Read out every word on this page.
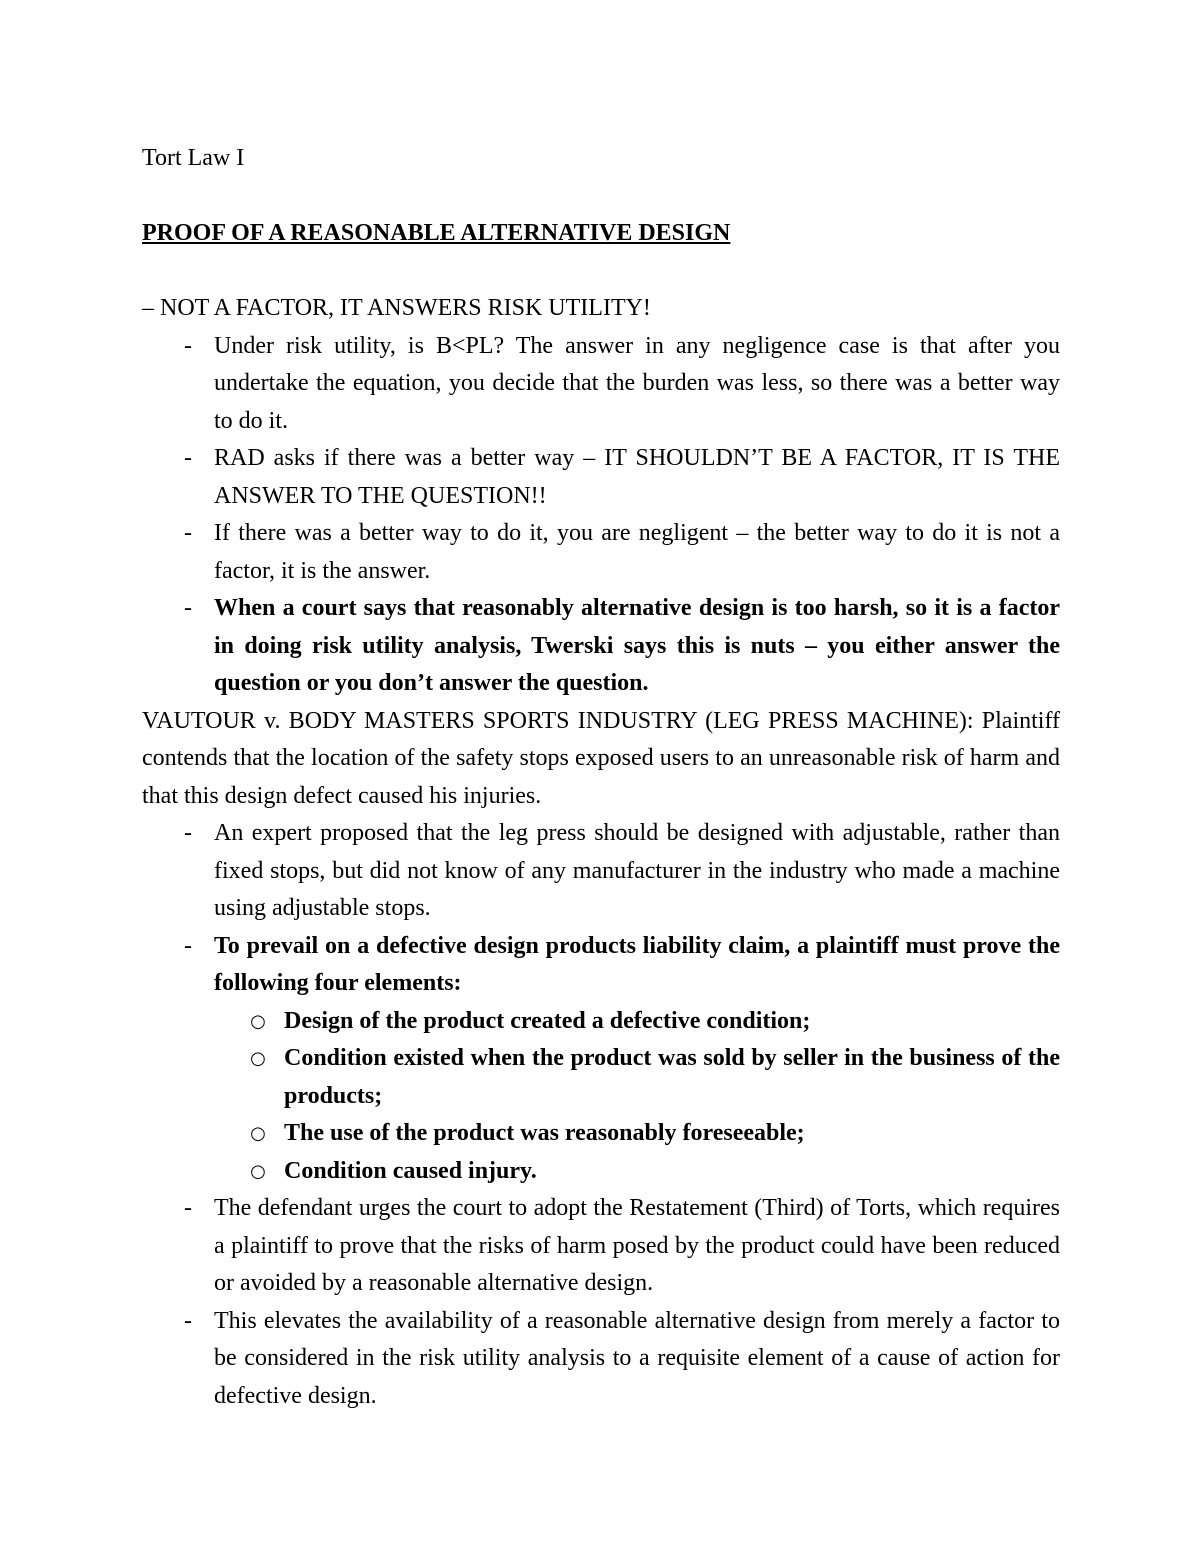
Tort Law I

PROOF OF A REASONABLE ALTERNATIVE DESIGN

– NOT A FACTOR, IT ANSWERS RISK UTILITY!

- Under risk utility, is B<PL? The answer in any negligence case is that after you undertake the equation, you decide that the burden was less, so there was a better way to do it.
- RAD asks if there was a better way – IT SHOULDN’T BE A FACTOR, IT IS THE ANSWER TO THE QUESTION!!
- If there was a better way to do it, you are negligent – the better way to do it is not a factor, it is the answer.
- When a court says that reasonably alternative design is too harsh, so it is a factor in doing risk utility analysis, Twerski says this is nuts – you either answer the question or you don’t answer the question.

VAUTOUR v. BODY MASTERS SPORTS INDUSTRY (LEG PRESS MACHINE): Plaintiff contends that the location of the safety stops exposed users to an unreasonable risk of harm and that this design defect caused his injuries.

- An expert proposed that the leg press should be designed with adjustable, rather than fixed stops, but did not know of any manufacturer in the industry who made a machine using adjustable stops.
- To prevail on a defective design products liability claim, a plaintiff must prove the following four elements:
○ Design of the product created a defective condition;
○ Condition existed when the product was sold by seller in the business of the products;
○ The use of the product was reasonably foreseeable;
○ Condition caused injury.
- The defendant urges the court to adopt the Restatement (Third) of Torts, which requires a plaintiff to prove that the risks of harm posed by the product could have been reduced or avoided by a reasonable alternative design.
- This elevates the availability of a reasonable alternative design from merely a factor to be considered in the risk utility analysis to a requisite element of a cause of action for defective design.
